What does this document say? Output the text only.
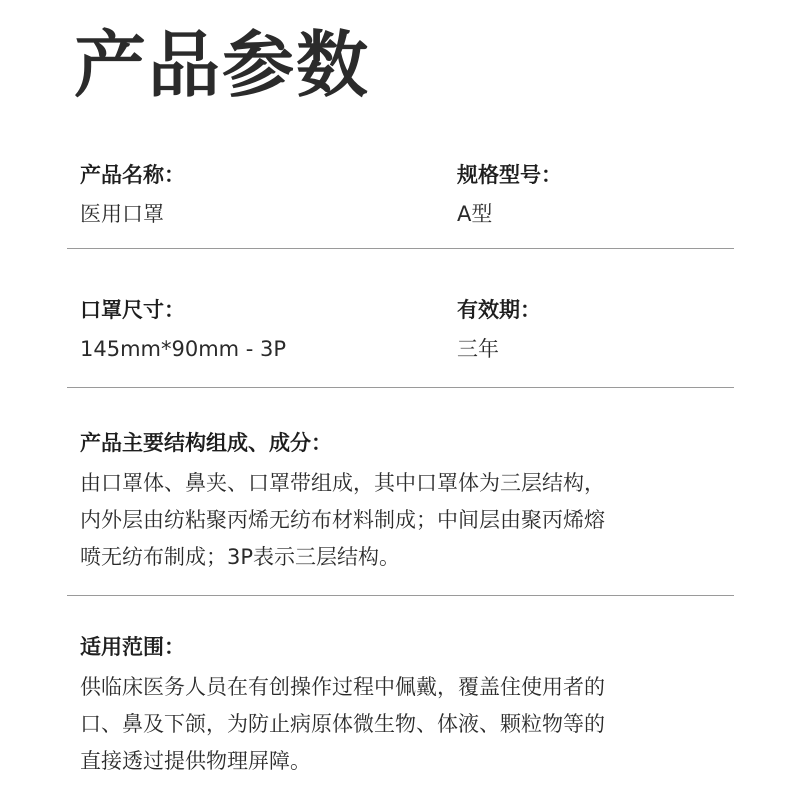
产品参数
产品名称：
医用口罩
规格型号：
A型
口罩尺寸：
145mm*90mm - 3P
有效期：
三年
产品主要结构组成、成分：
由口罩体、鼻夹、口罩带组成，其中口罩体为三层结构，
内外层由纺粘聚丙烯无纺布材料制成；中间层由聚丙烯熔
喷无纺布制成；3P表示三层结构。
适用范围：
供临床医务人员在有创操作过程中佩戴，覆盖住使用者的
口、鼻及下颌，为防止病原体微生物、体液、颗粒物等的
直接透过提供物理屏障。
